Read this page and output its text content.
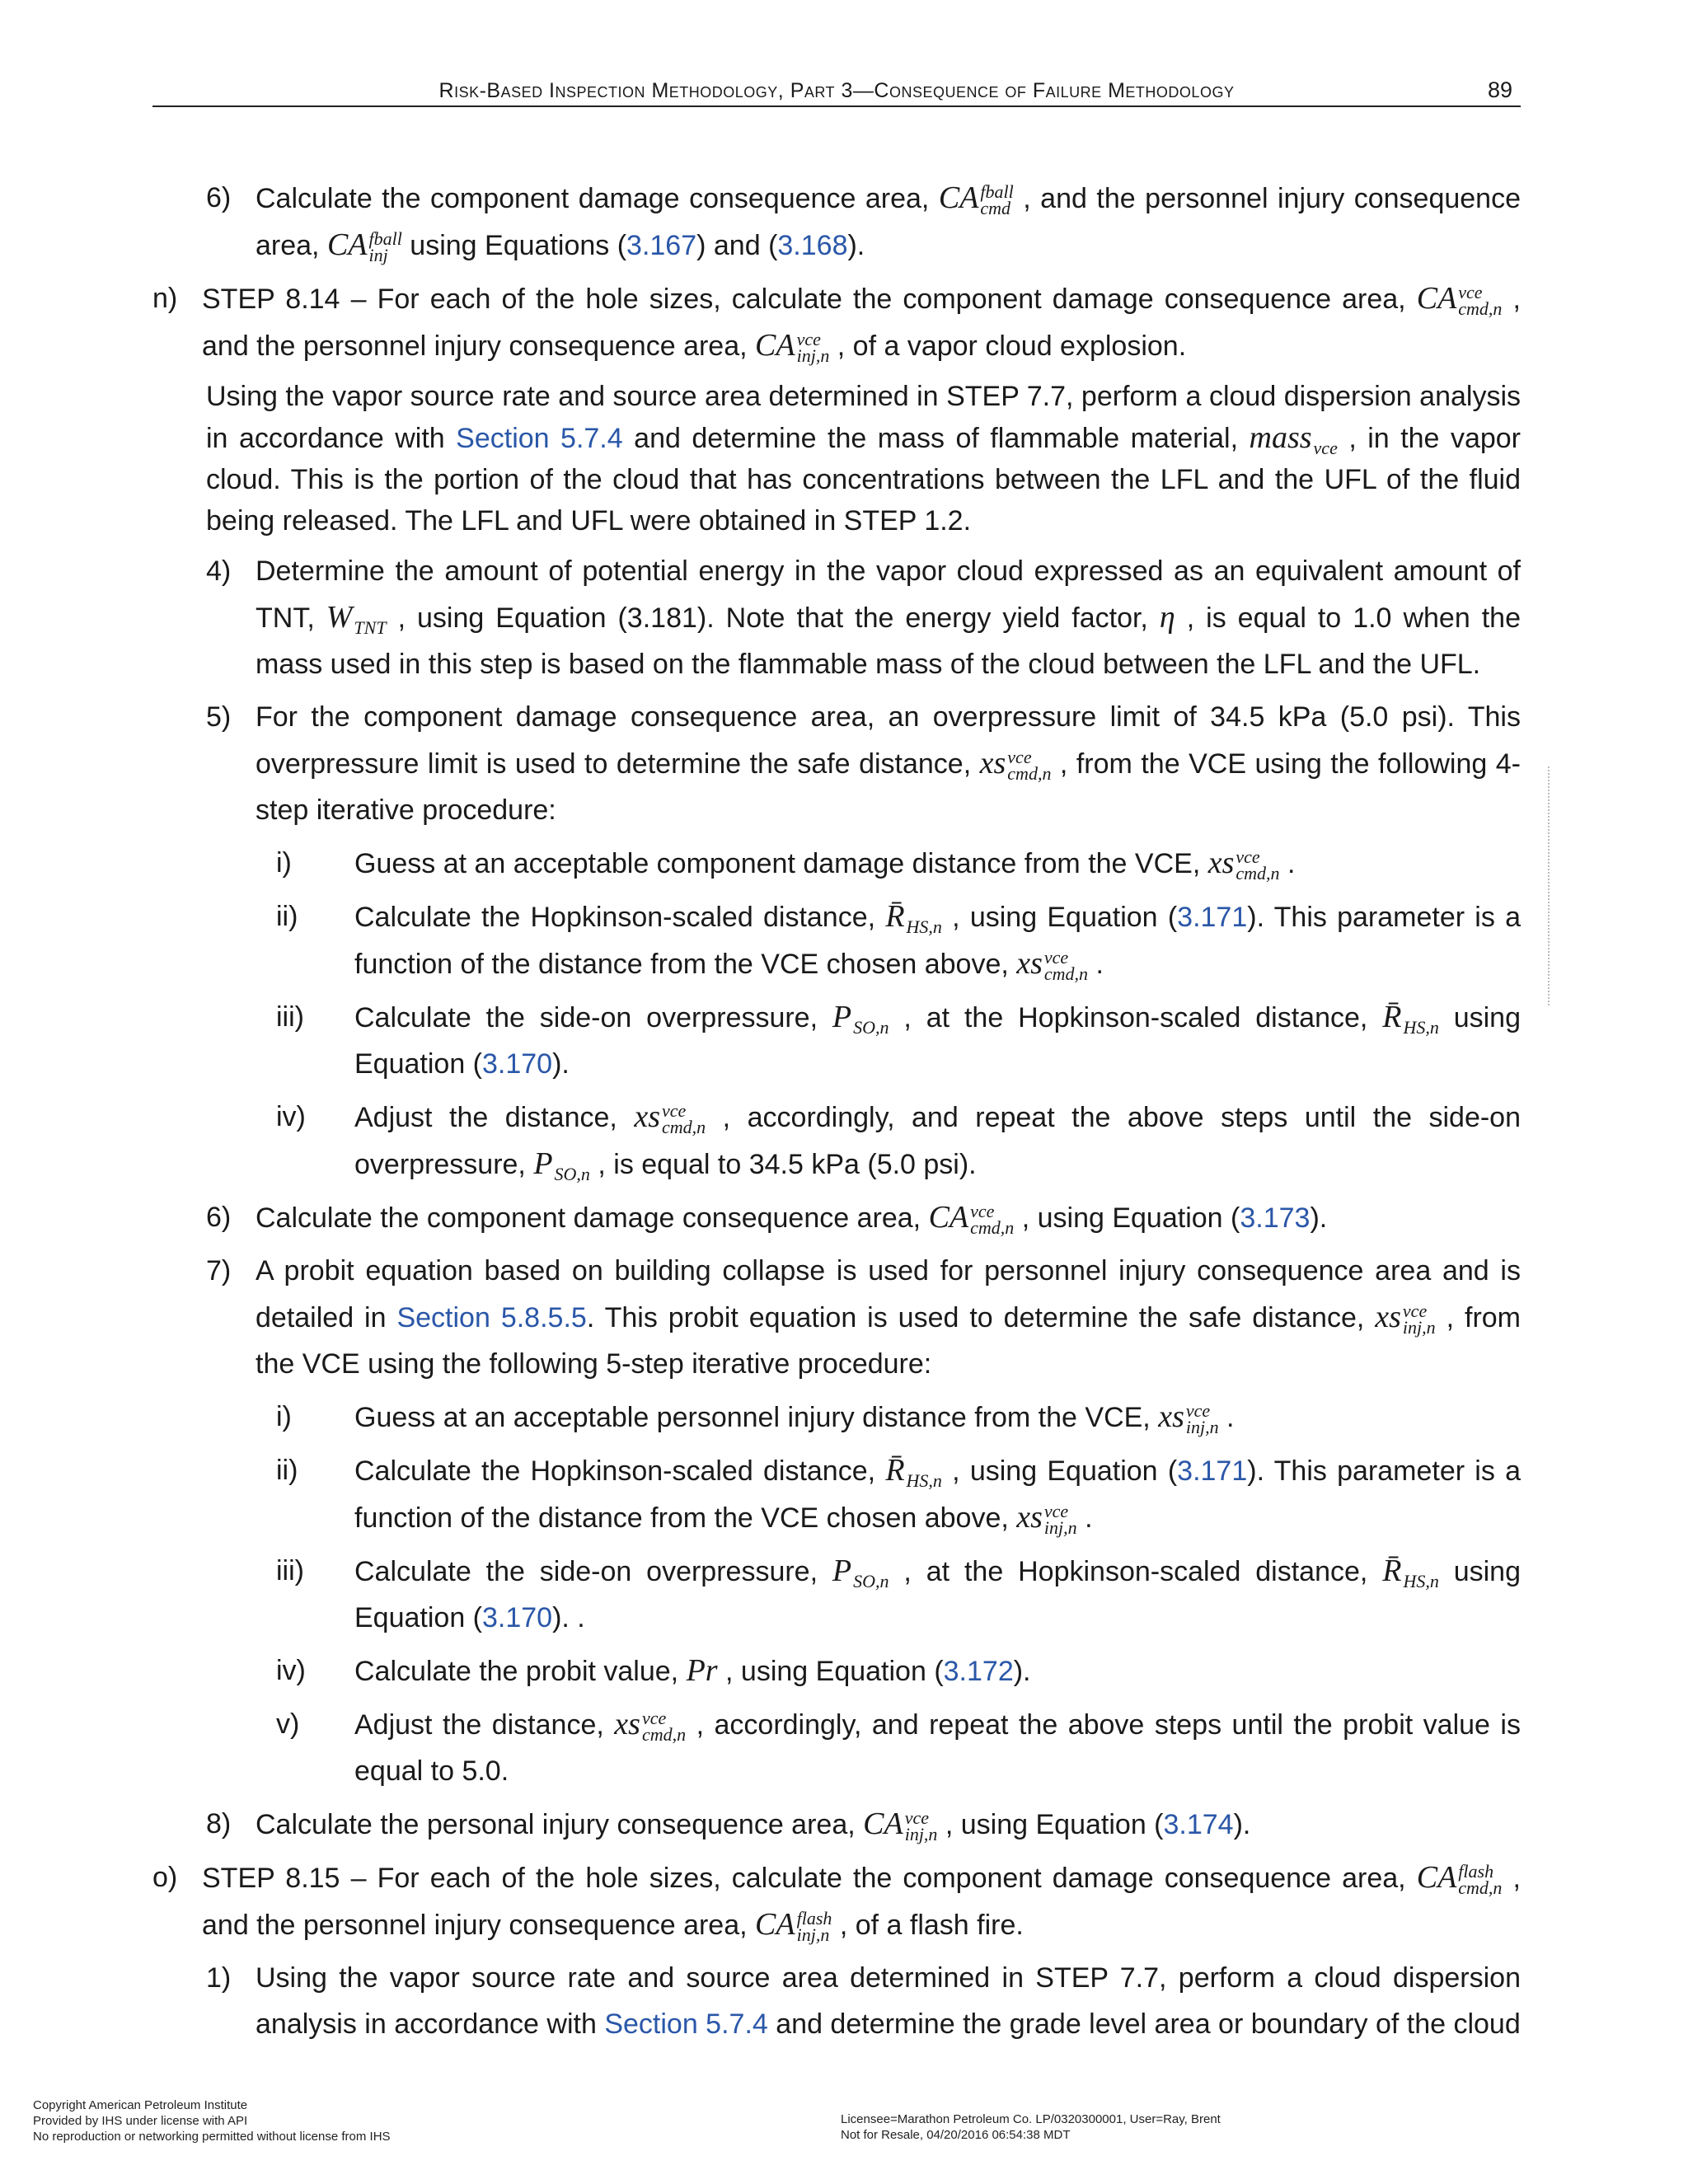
Risk-Based Inspection Methodology, Part 3—Consequence of Failure Methodology	89
6) Calculate the component damage consequence area, CA fball
cmd , and the personnel injury consequence area, CA fball
inj using Equations (3.167) and (3.168).

n) STEP 8.14 – For each of the hole sizes, calculate the component damage consequence area, CA vce
cmd,n , and the personnel injury consequence area, CA vce
inj,n , of a vapor cloud explosion.

Using the vapor source rate and source area determined in STEP 7.7, perform a cloud dispersion analysis in accordance with Section 5.7.4 and determine the mass of flammable material, mass
vce , in the vapor cloud. This is the portion of the cloud that has concentrations between the LFL and the UFL of the fluid being released. The LFL and UFL were obtained in STEP 1.2.

4) Determine the amount of potential energy in the vapor cloud expressed as an equivalent amount of TNT, W
TNT , using Equation (3.181). Note that the energy yield factor, η , is equal to 1.0 when the mass used in this step is based on the flammable mass of the cloud between the LFL and the UFL.

5) For the component damage consequence area, an overpressure limit of 34.5 kPa (5.0 psi). This overpressure limit is used to determine the safe distance, xs vce
cmd,n , from the VCE using the following 4-step iterative procedure:

i)	Guess at an acceptable component damage distance from the VCE, xs vce
cmd,n .

ii)	Calculate the Hopkinson-scaled distance, R̄
HS,n , using Equation (3.171). This parameter is a function of the distance from the VCE chosen above, xs vce
cmd,n .

iii)	Calculate the side-on overpressure, P
SO,n , at the Hopkinson-scaled distance, R̄
HS,n using Equation (3.170).

iv)	Adjust the distance, xs vce
cmd,n , accordingly, and repeat the above steps until the side-on overpressure, P
SO,n , is equal to 34.5 kPa (5.0 psi).

6) Calculate the component damage consequence area, CA vce
cmd,n , using Equation (3.173).

7) A probit equation based on building collapse is used for personnel injury consequence area and is detailed in Section 5.8.5.5. This probit equation is used to determine the safe distance, xs vce
inj,n , from the VCE using the following 5-step iterative procedure:

i)	Guess at an acceptable personnel injury distance from the VCE, xs vce
inj,n .

ii)	Calculate the Hopkinson-scaled distance, R̄
HS,n , using Equation (3.171). This parameter is a function of the distance from the VCE chosen above, xs vce
inj,n .

iii)	Calculate the side-on overpressure, P
SO,n , at the Hopkinson-scaled distance, R̄
HS,n using Equation (3.170). .

iv)	Calculate the probit value, Pr , using Equation (3.172).

v)	Adjust the distance, xs vce
cmd,n , accordingly, and repeat the above steps until the probit value is equal to 5.0.

8) Calculate the personal injury consequence area, CA vce
inj,n , using Equation (3.174).

o) STEP 8.15 – For each of the hole sizes, calculate the component damage consequence area, CA flash
cmd,n , and the personnel injury consequence area, CA flash
inj,n , of a flash fire.

1) Using the vapor source rate and source area determined in STEP 7.7, perform a cloud dispersion analysis in accordance with Section 5.7.4 and determine the grade level area or boundary of the cloud

Copyright American Petroleum Institute
Provided by IHS under license with API
No reproduction or networking permitted without license from IHS
Licensee=Marathon Petroleum Co. LP/0320300001, User=Ray, Brent
Not for Resale, 04/20/2016 06:54:38 MDT
